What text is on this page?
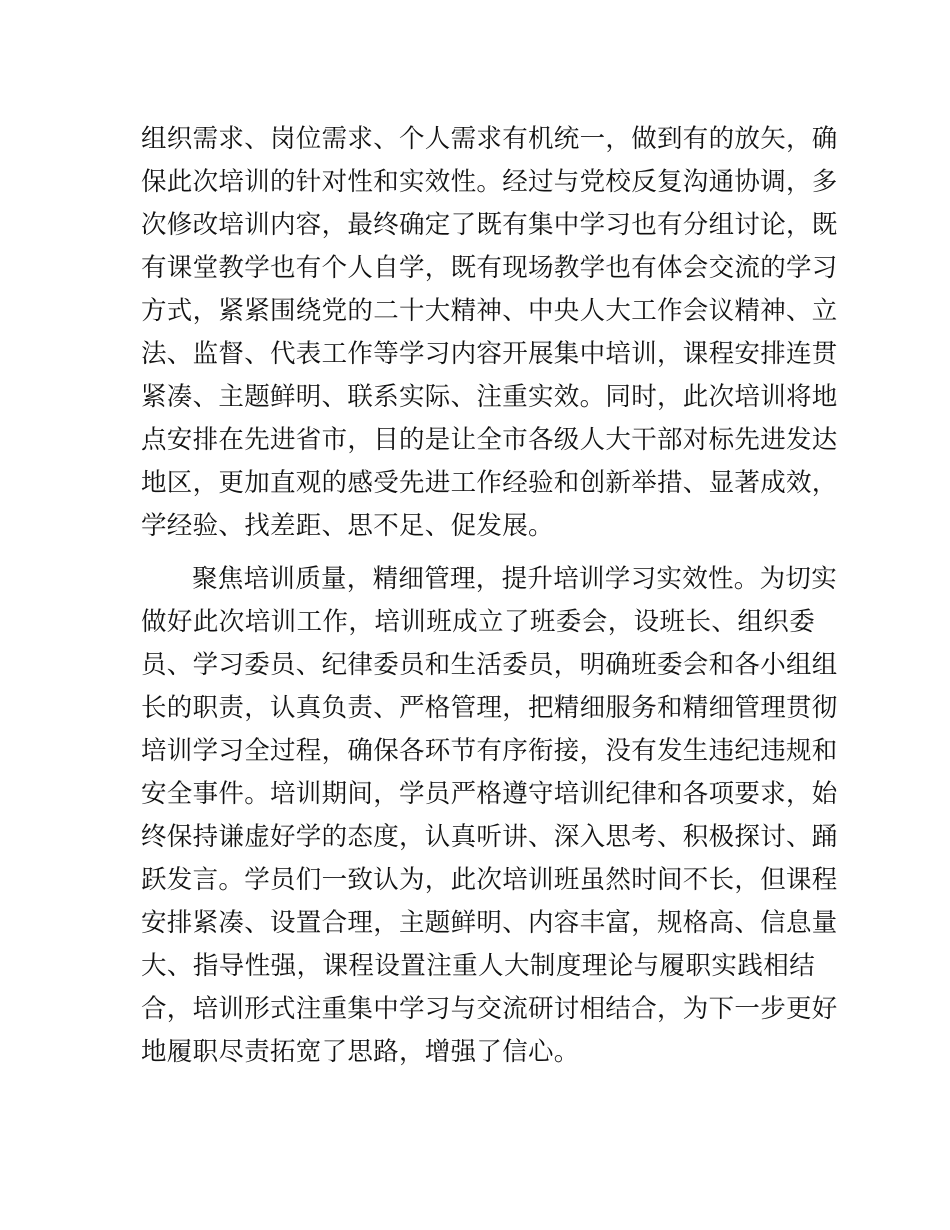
组织需求、岗位需求、个人需求有机统一，做到有的放矢，确
保此次培训的针对性和实效性。经过与党校反复沟通协调，多
次修改培训内容，最终确定了既有集中学习也有分组讨论，既
有课堂教学也有个人自学，既有现场教学也有体会交流的学习
方式，紧紧围绕党的二十大精神、中央人大工作会议精神、立
法、监督、代表工作等学习内容开展集中培训，课程安排连贯
紧凑、主题鲜明、联系实际、注重实效。同时，此次培训将地
点安排在先进省市，目的是让全市各级人大干部对标先进发达
地区，更加直观的感受先进工作经验和创新举措、显著成效，
学经验、找差距、思不足、促发展。
聚焦培训质量，精细管理，提升培训学习实效性。为切实
做好此次培训工作，培训班成立了班委会，设班长、组织委
员、学习委员、纪律委员和生活委员，明确班委会和各小组组
长的职责，认真负责、严格管理，把精细服务和精细管理贯彻
培训学习全过程，确保各环节有序衔接，没有发生违纪违规和
安全事件。培训期间，学员严格遵守培训纪律和各项要求，始
终保持谦虚好学的态度，认真听讲、深入思考、积极探讨、踊
跃发言。学员们一致认为，此次培训班虽然时间不长，但课程
安排紧凑、设置合理，主题鲜明、内容丰富，规格高、信息量
大、指导性强，课程设置注重人大制度理论与履职实践相结
合，培训形式注重集中学习与交流研讨相结合，为下一步更好
地履职尽责拓宽了思路，增强了信心。
